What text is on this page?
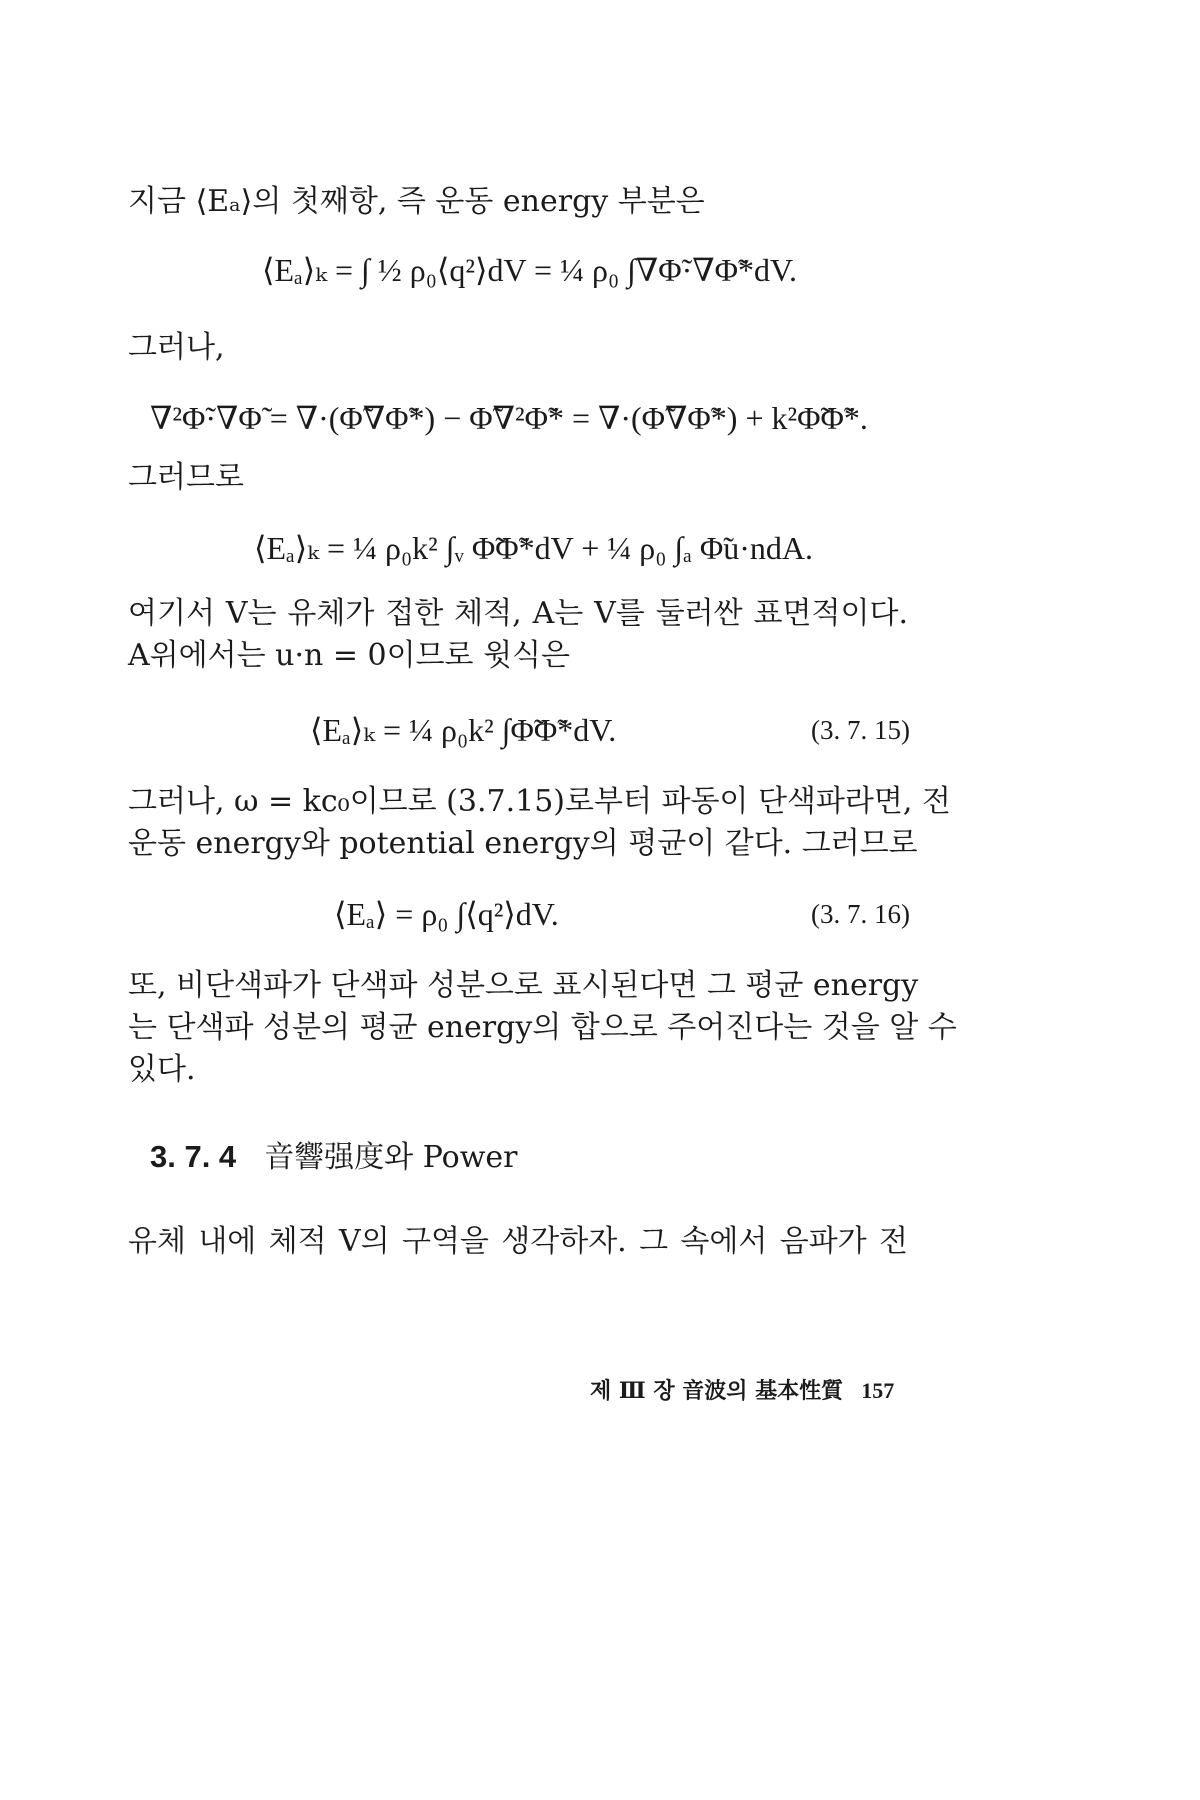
지금 ⟨Eₐ⟩의 첫째항, 즉 운동 energy 부분은
⟨Eₐ⟩ₖ = ∫ ½ ρ₀⟨q²⟩dV = ¼ ρ₀ ∫∇Φ̃·∇Φ̃*dV.
그러나,
∇²Φ̃·∇Φ̃ = ∇·(Φ̃∇Φ̃*) − Φ̃∇²Φ̃* = ∇·(Φ̃∇Φ̃*) + k²Φ̃Φ̃*.
그러므로
⟨Eₐ⟩ₖ = ¼ ρ₀k² ∫ᵥ Φ̃Φ̃*dV + ¼ ρ₀ ∫ₐ Φ̃u·ndA.
여기서 V는 유체가 접한 체적, A는 V를 둘러싼 표면적이다.
A위에서는 u·n = 0이므로 윗식은
⟨Eₐ⟩ₖ = ¼ ρ₀k² ∫Φ̃Φ̃*dV.	(3. 7. 15)
그러나, ω = kc₀이므로 (3.7.15)로부터 파동이 단색파라면, 전
운동 energy와 potential energy의 평균이 같다. 그러므로
⟨Eₐ⟩ = ρ₀ ∫⟨q²⟩dV.	(3. 7. 16)
또, 비단색파가 단색파 성분으로 표시된다면 그 평균 energy
는 단색파 성분의 평균 energy의 합으로 주어진다는 것을 알 수
있다.
3. 7. 4 音響强度와 Power
유체 내에 체적 V의 구역을 생각하자. 그 속에서 음파가 전
제 Ⅲ 장 音波의 基本性質 157
